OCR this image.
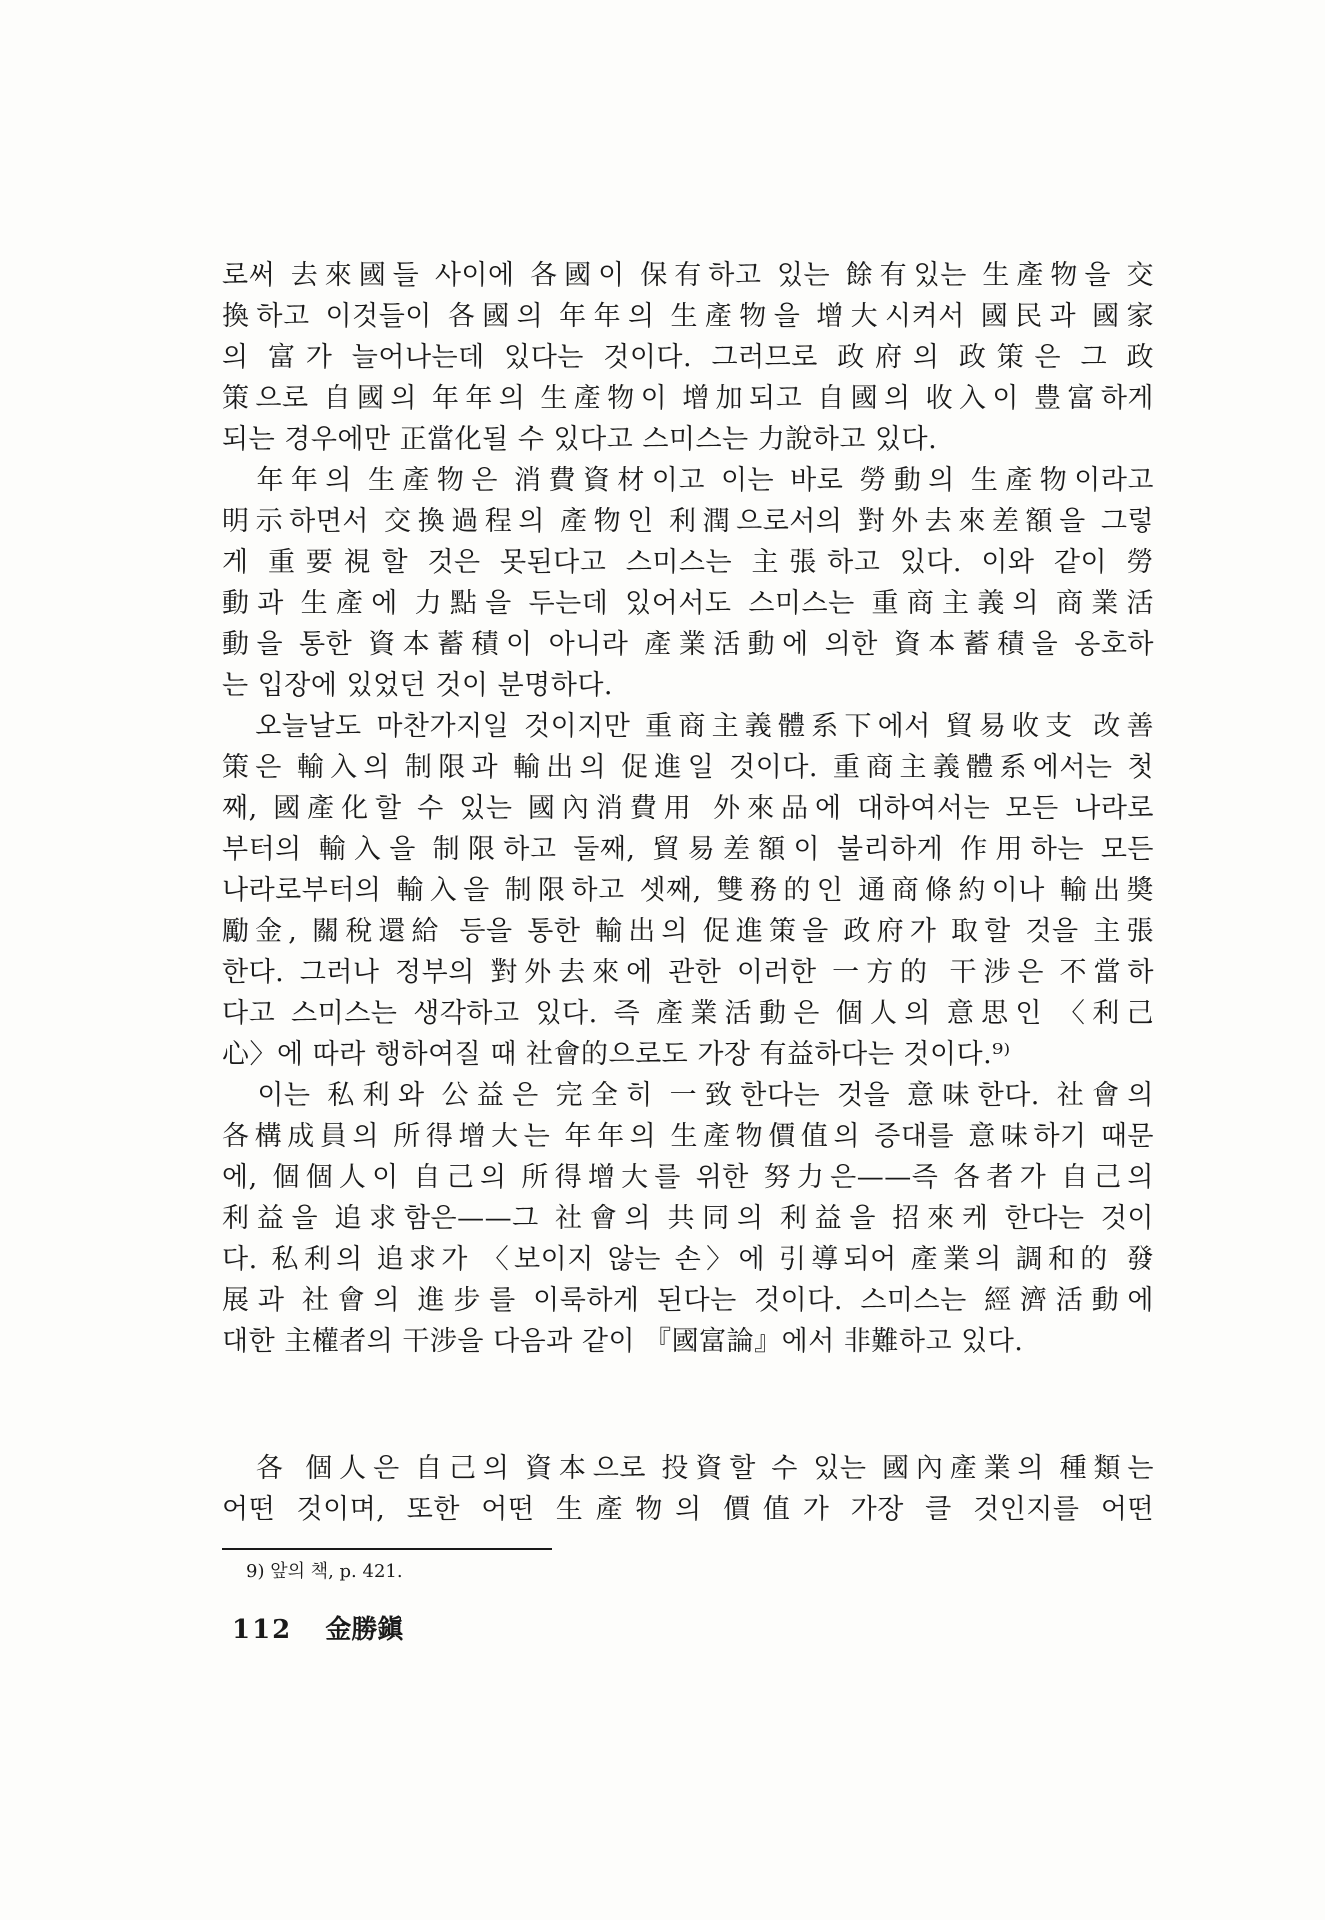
로써 去來國들 사이에 各國이 保有하고 있는 餘有있는 生產物을 交
換하고 이것들이 各國의 年年의 生產物을 增大시켜서 國民과 國家
의 富가 늘어나는데 있다는 것이다. 그러므로 政府의 政策은 그 政
策으로 自國의 年年의 生產物이 增加되고 自國의 收入이 豊富하게
되는 경우에만 正當化될 수 있다고 스미스는 力說하고 있다.
　年年의 生產物은 消費資材이고 이는 바로 勞動의 生產物이라고
明示하면서 交換過程의 產物인 利潤으로서의 對外去來差額을 그렇
게 重要視할 것은 못된다고 스미스는 主張하고 있다. 이와 같이 勞
動과 生產에 力點을 두는데 있어서도 스미스는 重商主義의 商業活
動을 통한 資本蓄積이 아니라 產業活動에 의한 資本蓄積을 옹호하
는 입장에 있었던 것이 분명하다.
　오늘날도 마찬가지일 것이지만 重商主義體系下에서 貿易收支 改善
策은 輸入의 制限과 輸出의 促進일 것이다. 重商主義體系에서는 첫
째, 國產化할 수 있는 國內消費用 外來品에 대하여서는 모든 나라로
부터의 輸入을 制限하고 둘째, 貿易差額이 불리하게 作用하는 모든
나라로부터의 輸入을 制限하고 셋째, 雙務的인 通商條約이나 輸出奬
勵金, 關稅還給 등을 통한 輸出의 促進策을 政府가 取할 것을 主張
한다. 그러나 정부의 對外去來에 관한 이러한 一方的 干涉은 不當하
다고 스미스는 생각하고 있다. 즉 產業活動은 個人의 意思인 〈利己
心〉에 따라 행하여질 때 社會的으로도 가장 有益하다는 것이다.⁹⁾
　이는 私利와 公益은 完全히 一致한다는 것을 意味한다. 社會의
各構成員의 所得增大는 年年의 生產物價值의 증대를 意味하기 때문
에, 個個人이 自己의 所得增大를 위한 努力은——즉 各者가 自己의
利益을 追求함은——그 社會의 共同의 利益을 招來케 한다는 것이
다. 私利의 追求가 〈보이지 않는 손〉에 引導되어 產業의 調和的 發
展과 社會의 進步를 이룩하게 된다는 것이다. 스미스는 經濟活動에
대한 主權者의 干涉을 다음과 같이 『國富論』에서 非難하고 있다.
　各 個人은 自己의 資本으로 投資할 수 있는 國內產業의 種類는
어떤 것이며, 또한 어떤 生產物의 價值가 가장 클 것인지를 어떤
9) 앞의 책, p. 421.
112 金勝鎭
